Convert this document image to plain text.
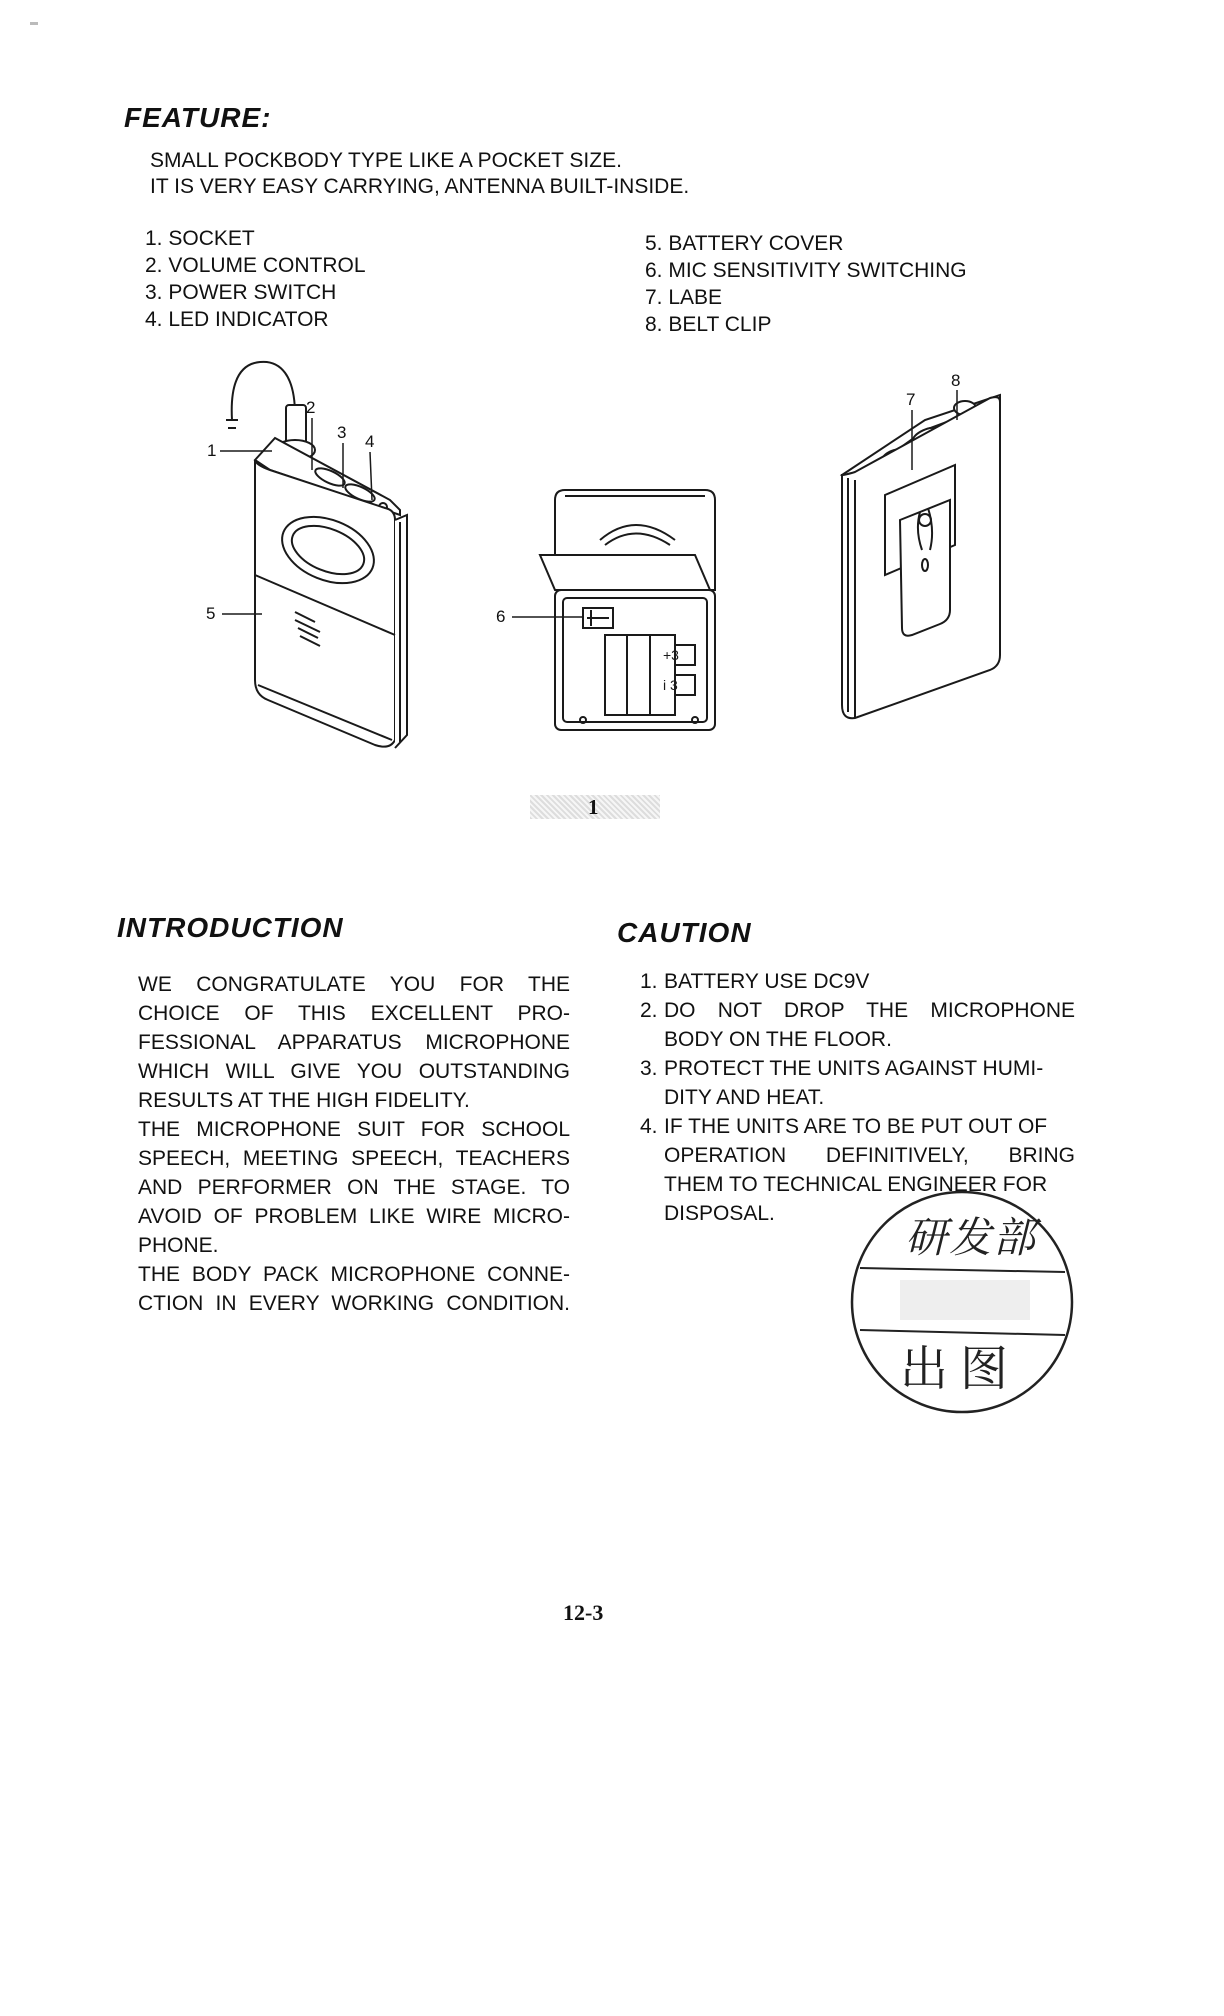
FEATURE:
SMALL POCKBODY TYPE LIKE A POCKET SIZE.
IT IS VERY EASY CARRYING, ANTENNA BUILT-INSIDE.
1. SOCKET
2. VOLUME CONTROL
3. POWER SWITCH
4. LED INDICATOR
5. BATTERY COVER
6. MIC SENSITIVITY SWITCHING
7. LABE
8. BELT CLIP
+3
i 3
1
2
3 4
5	6
7
8
1
INTRODUCTION
WE CONGRATULATE YOU FOR THE
CHOICE OF THIS EXCELLENT PRO-
FESSIONAL APPARATUS MICROPHONE
WHICH WILL GIVE YOU OUTSTANDING
RESULTS AT THE HIGH FIDELITY.
THE MICROPHONE SUIT FOR SCHOOL
SPEECH, MEETING SPEECH, TEACHERS
AND PERFORMER ON THE STAGE. TO
AVOID OF PROBLEM LIKE WIRE MICRO-
PHONE.
THE BODY PACK MICROPHONE CONNE-
CTION IN EVERY WORKING CONDITION.
CAUTION
1. BATTERY USE DC9V
2. DO NOT DROP THE MICROPHONE
BODY ON THE FLOOR.
3. PROTECT THE UNITS AGAINST HUMI-
DITY AND HEAT.
4. IF THE UNITS ARE TO BE PUT OUT OF
OPERATION DEFINITIVELY, BRING
THEM TO TECHNICAL ENGINEER FOR
DISPOSAL.	研发部
出图
12-3
